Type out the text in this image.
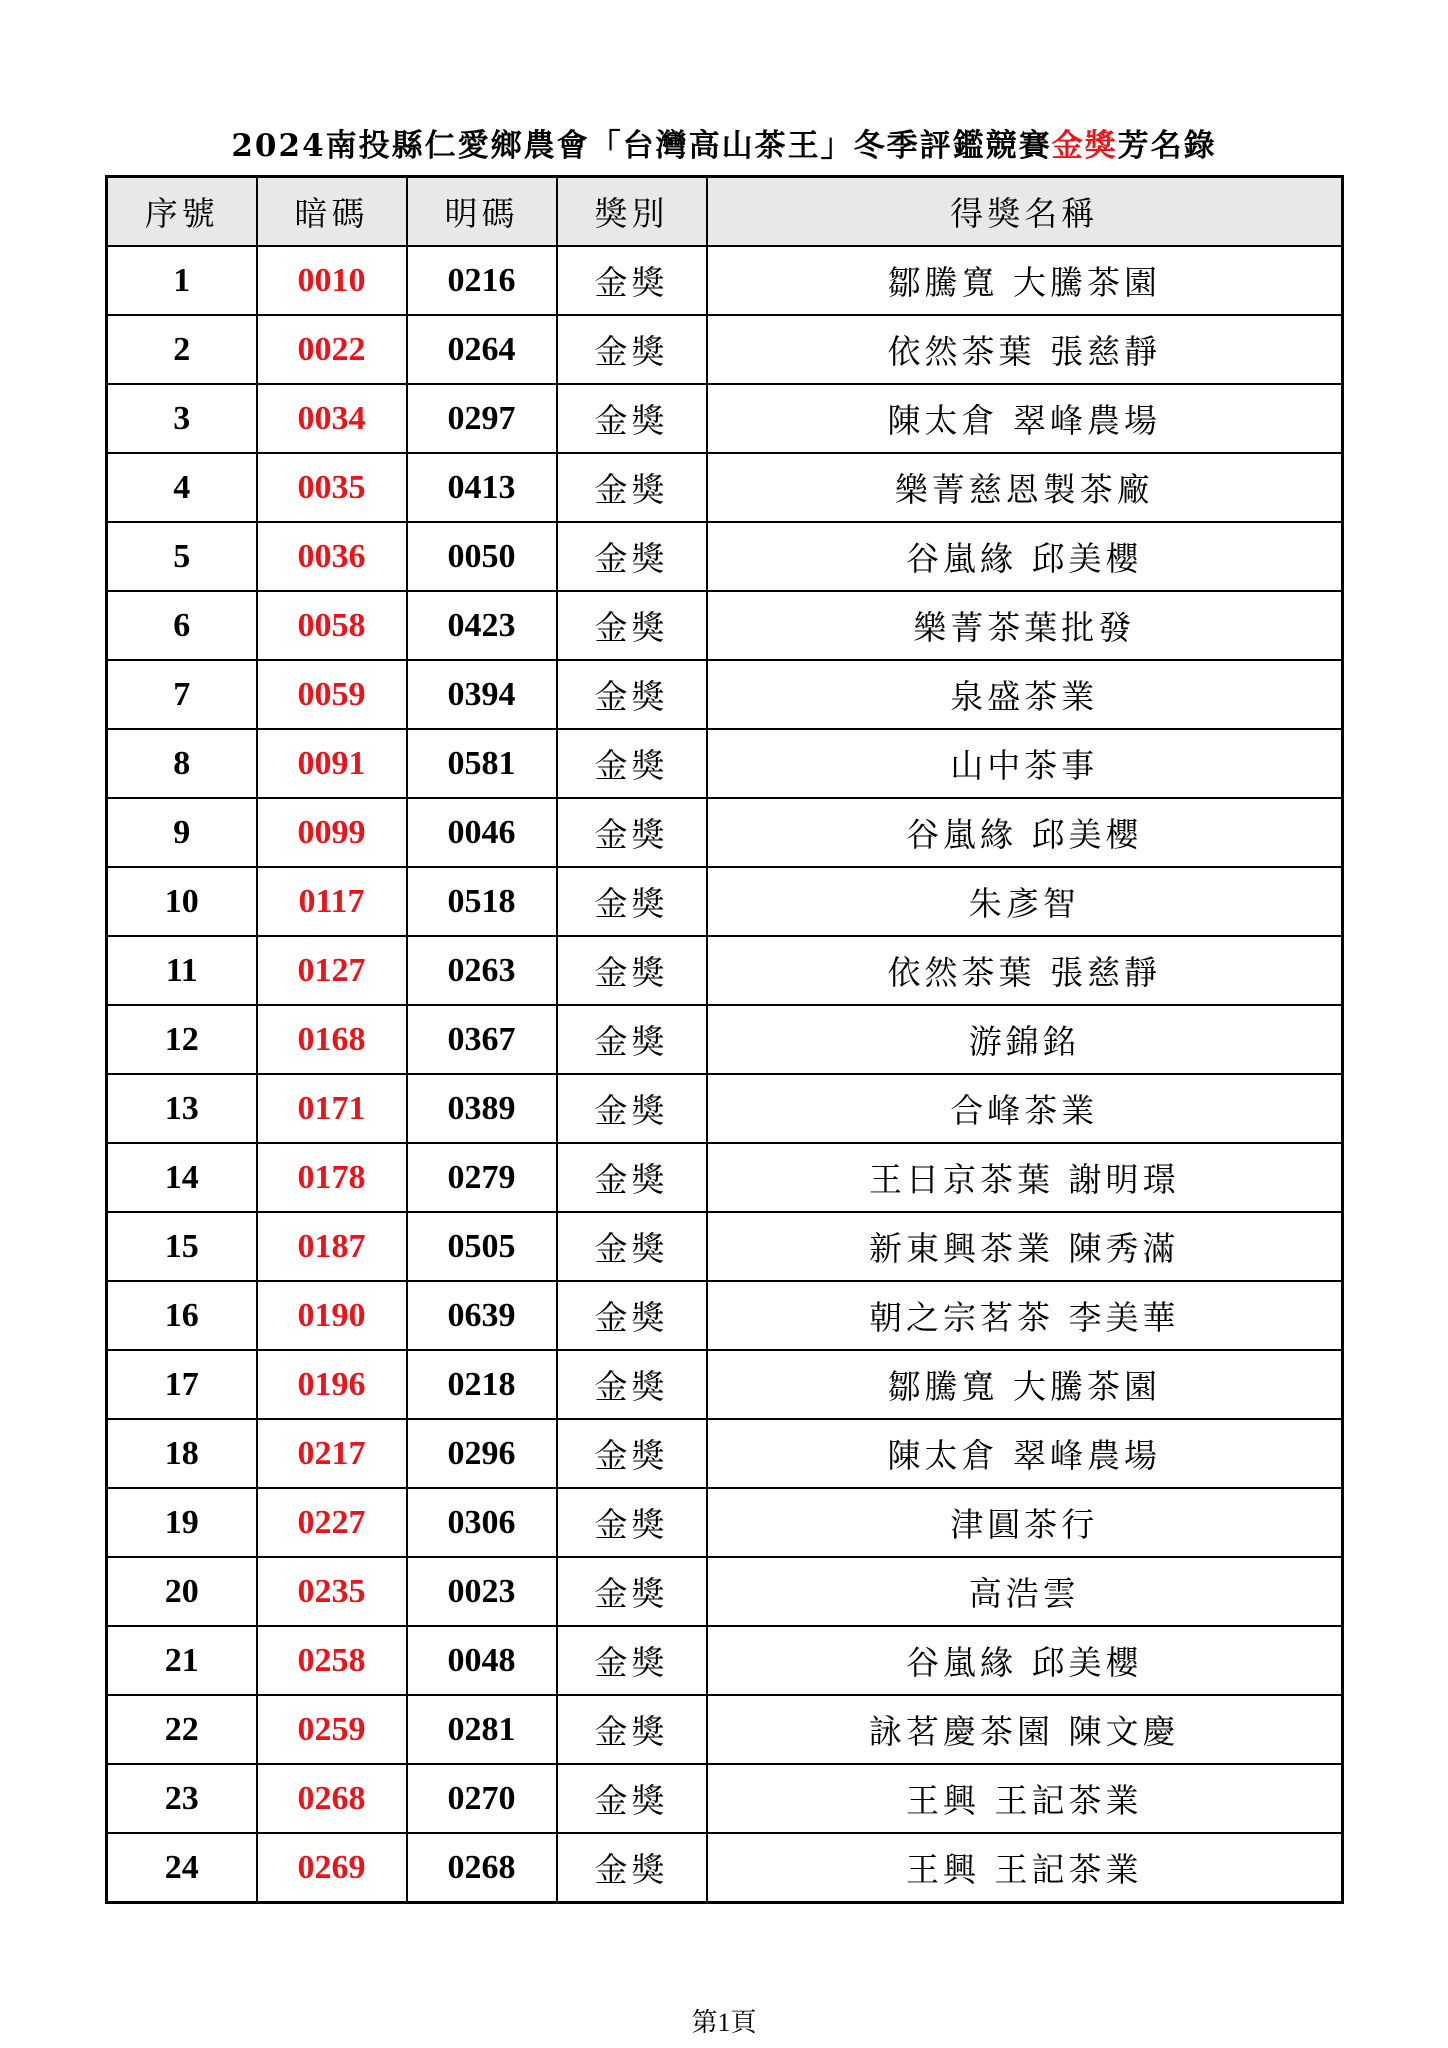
2024南投縣仁愛鄉農會「台灣高山茶王」冬季評鑑競賽金獎芳名錄
序號	暗碼	明碼	獎別	得獎名稱
1	0010	0216	金獎	鄒騰寬 大騰茶園
2	0022	0264	金獎	依然茶葉 張慈靜
3	0034	0297	金獎	陳太倉 翠峰農場
4	0035	0413	金獎	樂菁慈恩製茶廠
5	0036	0050	金獎	谷嵐緣 邱美櫻
6	0058	0423	金獎	樂菁茶葉批發
7	0059	0394	金獎	泉盛茶業
8	0091	0581	金獎	山中茶事
9	0099	0046	金獎	谷嵐緣 邱美櫻
10	0117	0518	金獎	朱彥智
11	0127	0263	金獎	依然茶葉 張慈靜
12	0168	0367	金獎	游錦銘
13	0171	0389	金獎	合峰茶業
14	0178	0279	金獎	王日京茶葉 謝明璟
15	0187	0505	金獎	新東興茶業 陳秀滿
16	0190	0639	金獎	朝之宗茗茶 李美華
17	0196	0218	金獎	鄒騰寬 大騰茶園
18	0217	0296	金獎	陳太倉 翠峰農場
19	0227	0306	金獎	津圓茶行
20	0235	0023	金獎	高浩雲
21	0258	0048	金獎	谷嵐緣 邱美櫻
22	0259	0281	金獎	詠茗慶茶園 陳文慶
23	0268	0270	金獎	王興 王記茶業
24	0269	0268	金獎	王興 王記茶業
第1頁
